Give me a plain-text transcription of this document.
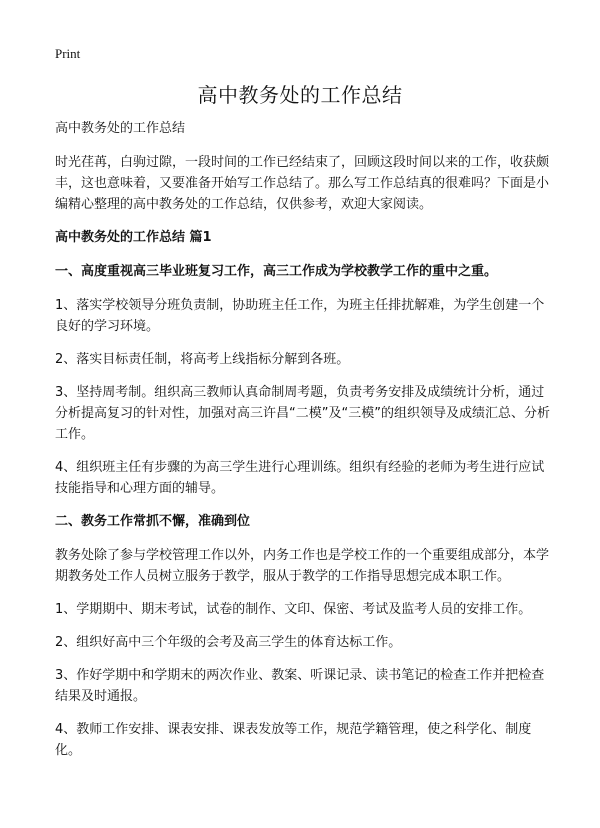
Print
高中教务处的工作总结

高中教务处的工作总结

时光荏苒，白驹过隙，一段时间的工作已经结束了，回顾这段时间以来的工作，收获颇丰，这也意味着，又要准备开始写工作总结了。那么写工作总结真的很难吗？下面是小编精心整理的高中教务处的工作总结，仅供参考，欢迎大家阅读。

高中教务处的工作总结 篇1
一、高度重视高三毕业班复习工作，高三工作成为学校教学工作的重中之重。

1、落实学校领导分班负责制，协助班主任工作，为班主任排扰解难，为学生创建一个良好的学习环境。

2、落实目标责任制，将高考上线指标分解到各班。

3、坚持周考制。组织高三教师认真命制周考题，负责考务安排及成绩统计分析，通过分析提高复习的针对性，加强对高三许昌“二模”及“三模”的组织领导及成绩汇总、分析工作。

4、组织班主任有步骤的为高三学生进行心理训练。组织有经验的老师为考生进行应试技能指导和心理方面的辅导。

二、教务工作常抓不懈，准确到位

教务处除了参与学校管理工作以外，内务工作也是学校工作的一个重要组成部分，本学期教务处工作人员树立服务于教学，服从于教学的工作指导思想完成本职工作。

1、学期期中、期末考试，试卷的制作、文印、保密、考试及监考人员的安排工作。

2、组织好高中三个年级的会考及高三学生的体育达标工作。

3、作好学期中和学期末的两次作业、教案、听课记录、读书笔记的检查工作并把检查结果及时通报。

4、教师工作安排、课表安排、课表发放等工作，规范学籍管理，使之科学化、制度化。
